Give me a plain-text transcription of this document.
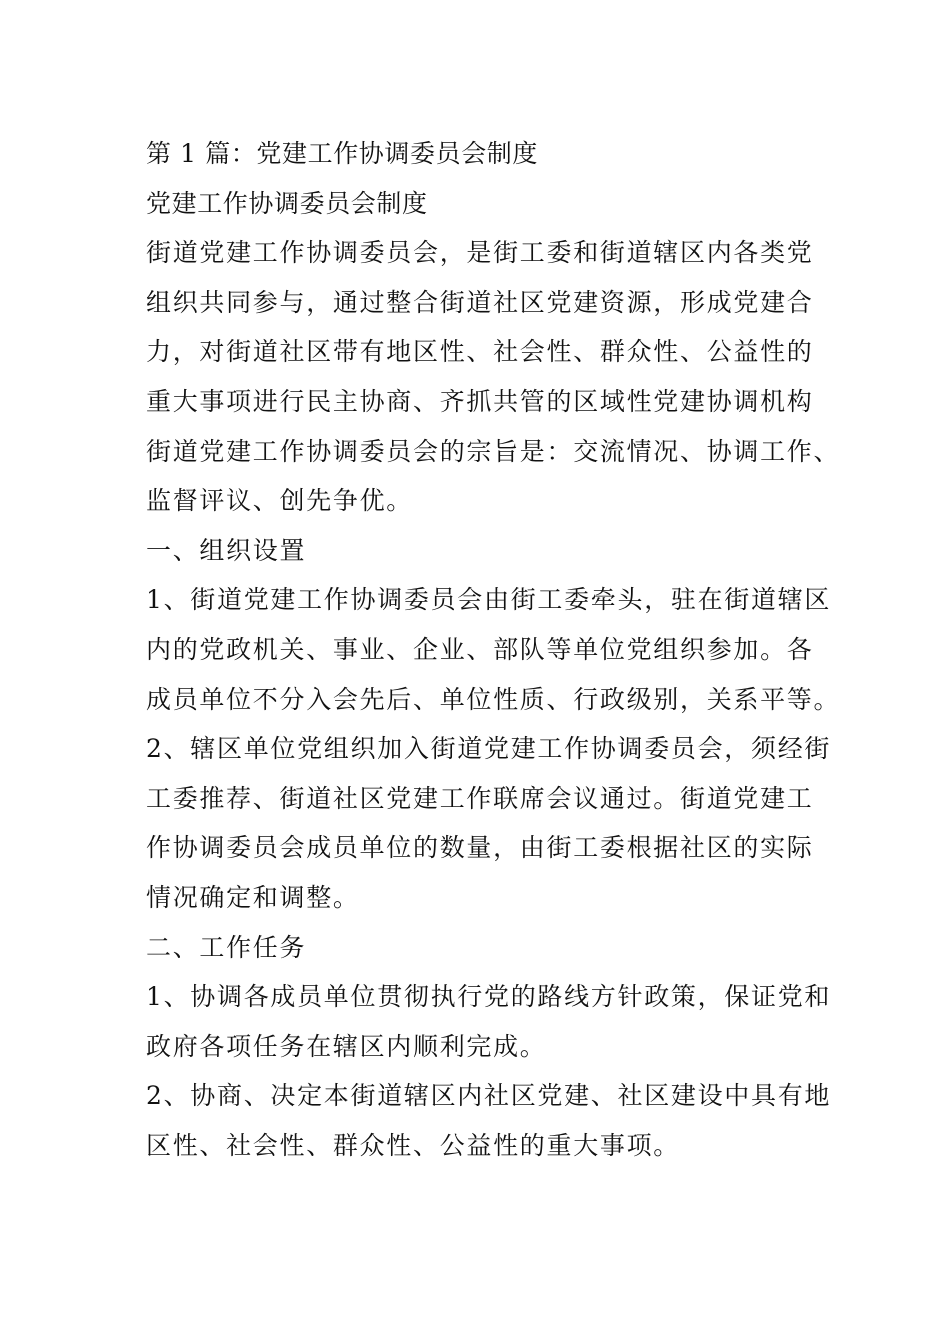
第 1 篇：党建工作协调委员会制度
党建工作协调委员会制度
街道党建工作协调委员会，是街工委和街道辖区内各类党
组织共同参与，通过整合街道社区党建资源，形成党建合
力，对街道社区带有地区性、社会性、群众性、公益性的
重大事项进行民主协商、齐抓共管的区域性党建协调机构
街道党建工作协调委员会的宗旨是：交流情况、协调工作、
监督评议、创先争优。
一、组织设置
1、街道党建工作协调委员会由街工委牵头，驻在街道辖区
内的党政机关、事业、企业、部队等单位党组织参加。各
成员单位不分入会先后、单位性质、行政级别，关系平等。
2、辖区单位党组织加入街道党建工作协调委员会，须经街
工委推荐、街道社区党建工作联席会议通过。街道党建工
作协调委员会成员单位的数量，由街工委根据社区的实际
情况确定和调整。
二、工作任务
1、协调各成员单位贯彻执行党的路线方针政策，保证党和
政府各项任务在辖区内顺利完成。
2、协商、决定本街道辖区内社区党建、社区建设中具有地
区性、社会性、群众性、公益性的重大事项。
